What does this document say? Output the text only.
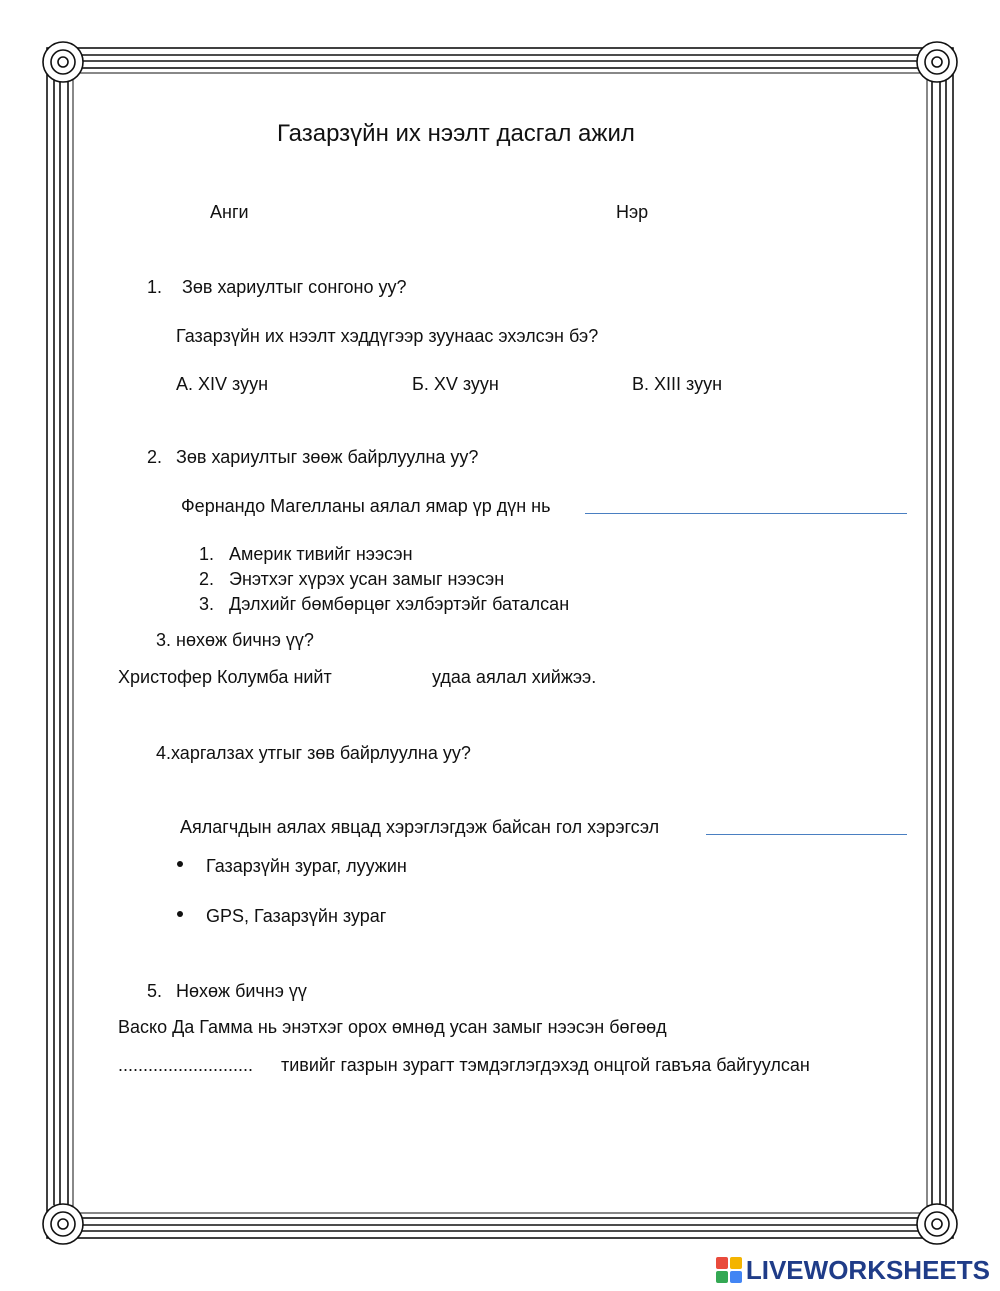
Газарзүйн их нээлт дасгал ажил
Анги	Нэр
1. Зөв хариултыг сонгоно уу?
Газарзүйн их нээлт хэддүгээр зуунаас эхэлсэн бэ?
A. XIV зуун	Б. XV зуун	В. XIII зуун
2. Зөв хариултыг зөөж байрлуулна уу?
Фернандо Магелланы аялал ямар үр дүн нь
1. Америк тивийг нээсэн
2. Энэтхэг хүрэх усан замыг нээсэн
3. Дэлхийг бөмбөрцөг хэлбэртэйг баталсан
3. нөхөж бичнэ үү?
Христофер Колумба нийт	удаа аялал хийжээ.
4.харгалзах утгыг зөв байрлуулна уу?
Аялагчдын аялах явцад хэрэглэгдэж байсан гол хэрэгсэл
Газарзүйн зураг, луужин
GPS, Газарзүйн зураг
5. Нөхөж бичнэ үү
Васко Да Гамма нь энэтхэг орох өмнөд усан замыг нээсэн бөгөөд
........................... тивийг газрын зурагт тэмдэглэгдэхэд онцгой гавъяа байгуулсан
LIVEWORKSHEETS
